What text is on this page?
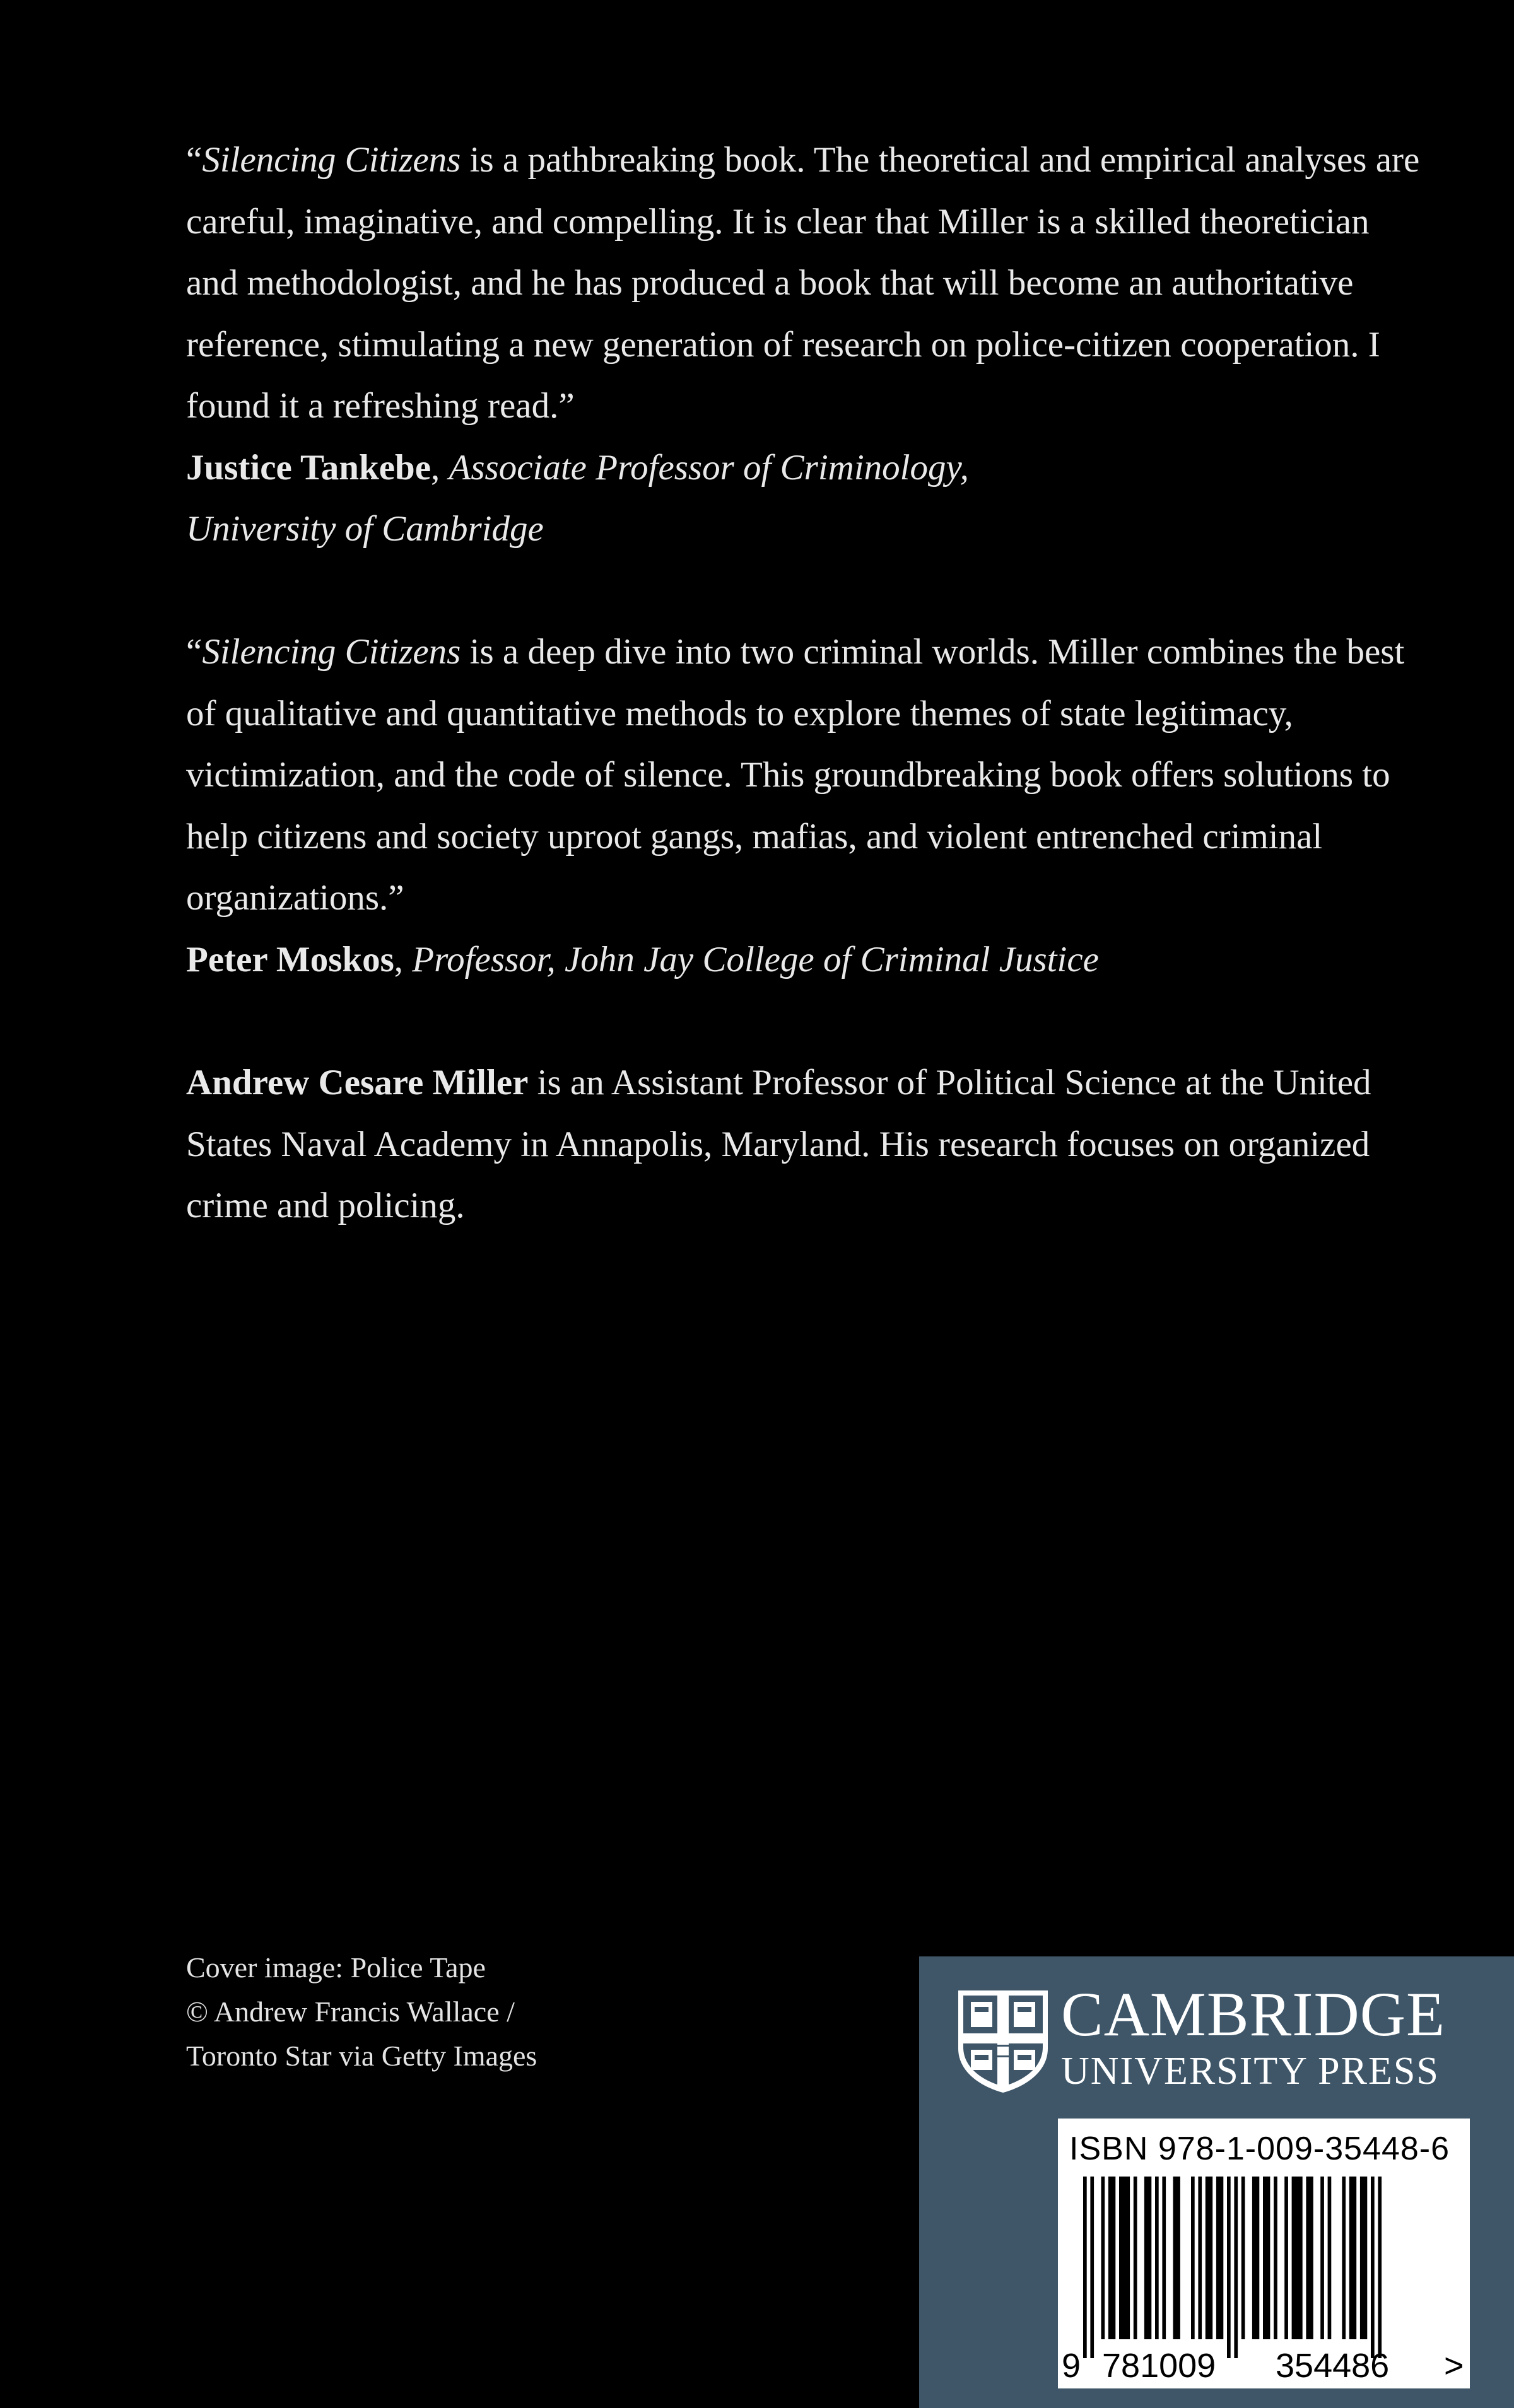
“Silencing Citizens is a pathbreaking book. The theoretical and empirical analyses are careful, imaginative, and compelling. It is clear that Miller is a skilled theoretician and methodologist, and he has produced a book that will become an authoritative reference, stimulating a new generation of research on police-citizen cooperation. I found it a refreshing read.”

Justice Tankebe, Associate Professor of Criminology,

University of Cambridge

“Silencing Citizens is a deep dive into two criminal worlds. Miller combines the best of qualitative and quantitative methods to explore themes of state legitimacy, victimization, and the code of silence. This groundbreaking book offers solutions to help citizens and society uproot gangs, mafias, and violent entrenched criminal organizations.”

Peter Moskos, Professor, John Jay College of Criminal Justice

Andrew Cesare Miller is an Assistant Professor of Political Science at the United States Naval Academy in Annapolis, Maryland. His research focuses on organized crime and policing.

Cover image: Police Tape
© Andrew Francis Wallace /
Toronto Star via Getty Images
CAMBRIDGE
UNIVERSITY PRESS
9 781009 354486 >
ISBN 978-1-009-35448-6
